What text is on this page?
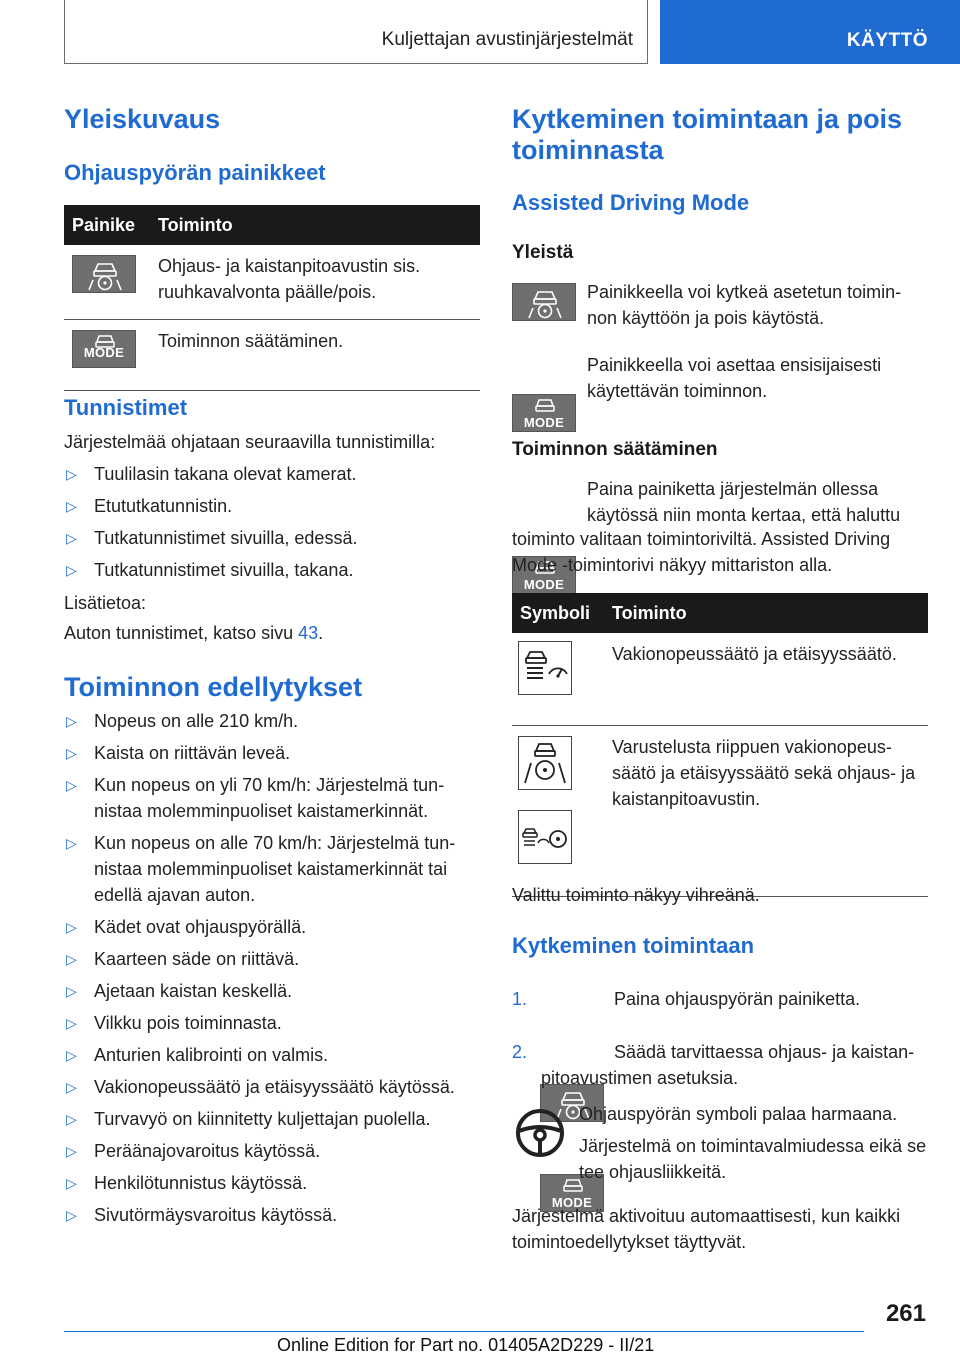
Kuljettajan avustinjärjestelmät	KÄYTTÖ
Yleiskuvaus
Ohjauspyörän painikkeet
Painike	Toiminto

	Ohjaus- ja kaistanpitoavustin sis. ruuhkavalvonta päälle/pois.

MODE	Toiminnon säätäminen.
Tunnistimet
Järjestelmää ohjataan seuraavilla tunnistimilla:
▷ Tuulilasin takana olevat kamerat.
▷ Etututkatunnistin.
▷ Tutkatunnistimet sivuilla, edessä.
▷ Tutkatunnistimet sivuilla, takana.
Lisätietoa:
Auton tunnistimet, katso sivu 43.
Toiminnon edellytykset
▷ Nopeus on alle 210 km/h.
▷ Kaista on riittävän leveä.
▷ Kun nopeus on yli 70 km/h: Järjestelmä tun-nistaa molemminpuoliset kaistamerkinnät.
▷ Kun nopeus on alle 70 km/h: Järjestelmä tun-nistaa molemminpuoliset kaistamerkinnät tai edellä ajavan auton.
▷ Kädet ovat ohjauspyörällä.
▷ Kaarteen säde on riittävä.
▷ Ajetaan kaistan keskellä.
▷ Vilkku pois toiminnasta.
▷ Anturien kalibrointi on valmis.
▷ Vakionopeussäätö ja etäisyyssäätö käytössä.
▷ Turvavyö on kiinnitetty kuljettajan puolella.
▷ Peräänajovaroitus käytössä.
▷ Henkilötunnistus käytössä.
▷ Sivutörmäysvaroitus käytössä.
Kytkeminen toimintaan ja pois toiminnasta
Assisted Driving Mode
Yleistä
Painikkeella voi kytkeä asetetun toimin-non käyttöön ja pois käytöstä.
MODE
Painikkeella voi asettaa ensisijaisesti käytettävän toiminnon.
Toiminnon säätäminen
MODE
Paina painiketta järjestelmän ollessa käytössä niin monta kertaa, että haluttu
toiminto valitaan toimintoriviltä. Assisted Driving Mode -toimintorivi näkyy mittariston alla.
Symboli	Toiminto

	Vakionopeussäätö ja etäisyyssäätö.

	Varustelusta riippuen vakionopeus-säätö ja etäisyyssäätö sekä ohjaus- ja kaistanpitoavustin.
Valittu toiminto näkyy vihreänä.
Kytkeminen toimintaan
1.	Paina ohjauspyörän painiketta.
2.
MODE
Säädä tarvittaessa ohjaus- ja kaistan-
pitoavustimen asetuksia.
Ohjauspyörän symboli palaa harmaana.
Järjestelmä on toimintavalmiudessa eikä se tee ohjausliikkeitä.
Järjestelmä aktivoituu automaattisesti, kun kaikki toimintoedellytykset täyttyvät.
261
Online Edition for Part no. 01405A2D229 - II/21
